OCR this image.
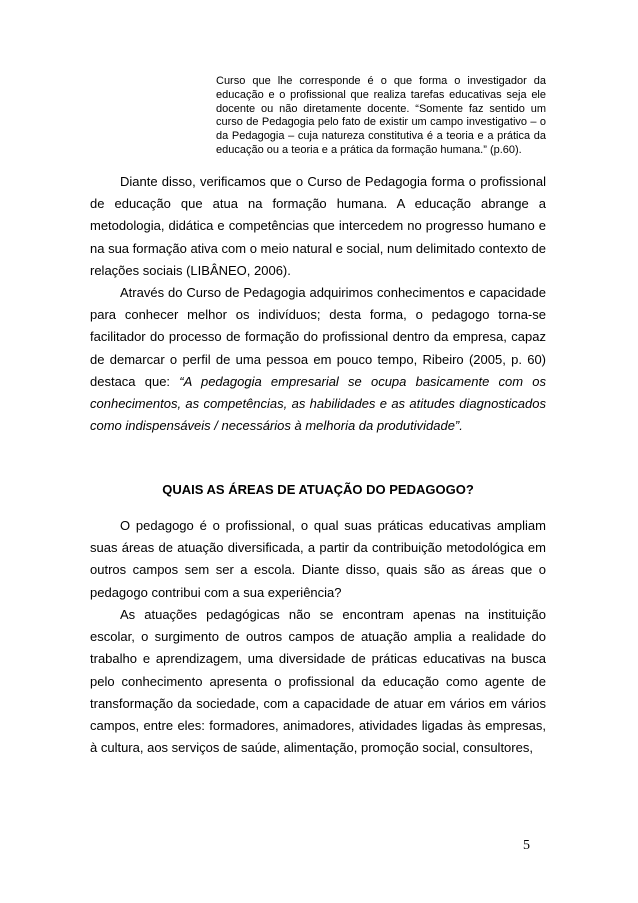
Curso que lhe corresponde é o que forma o investigador da educação e o profissional que realiza tarefas educativas seja ele docente ou não diretamente docente. “Somente faz sentido um curso de Pedagogia pelo fato de existir um campo investigativo – o da Pedagogia – cuja natureza constitutiva é a teoria e a prática da educação ou a teoria e a prática da formação humana.” (p.60).

Diante disso, verificamos que o Curso de Pedagogia forma o profissional de educação que atua na formação humana. A educação abrange a metodologia, didática e competências que intercedem no progresso humano e na sua formação ativa com o meio natural e social, num delimitado contexto de relações sociais (LIBÂNEO, 2006).

Através do Curso de Pedagogia adquirimos conhecimentos e capacidade para conhecer melhor os indivíduos; desta forma, o pedagogo torna-se facilitador do processo de formação do profissional dentro da empresa, capaz de demarcar o perfil de uma pessoa em pouco tempo, Ribeiro (2005, p. 60) destaca que: “A pedagogia empresarial se ocupa basicamente com os conhecimentos, as competências, as habilidades e as atitudes diagnosticados como indispensáveis / necessários à melhoria da produtividade”.

QUAIS AS ÁREAS DE ATUAÇÃO DO PEDAGOGO?

O pedagogo é o profissional, o qual suas práticas educativas ampliam suas áreas de atuação diversificada, a partir da contribuição metodológica em outros campos sem ser a escola. Diante disso, quais são as áreas que o pedagogo contribui com a sua experiência?

As atuações pedagógicas não se encontram apenas na instituição escolar, o surgimento de outros campos de atuação amplia a realidade do trabalho e aprendizagem, uma diversidade de práticas educativas na busca pelo conhecimento apresenta o profissional da educação como agente de transformação da sociedade, com a capacidade de atuar em vários em vários campos, entre eles: formadores, animadores, atividades ligadas às empresas, à cultura, aos serviços de saúde, alimentação, promoção social, consultores,

5
